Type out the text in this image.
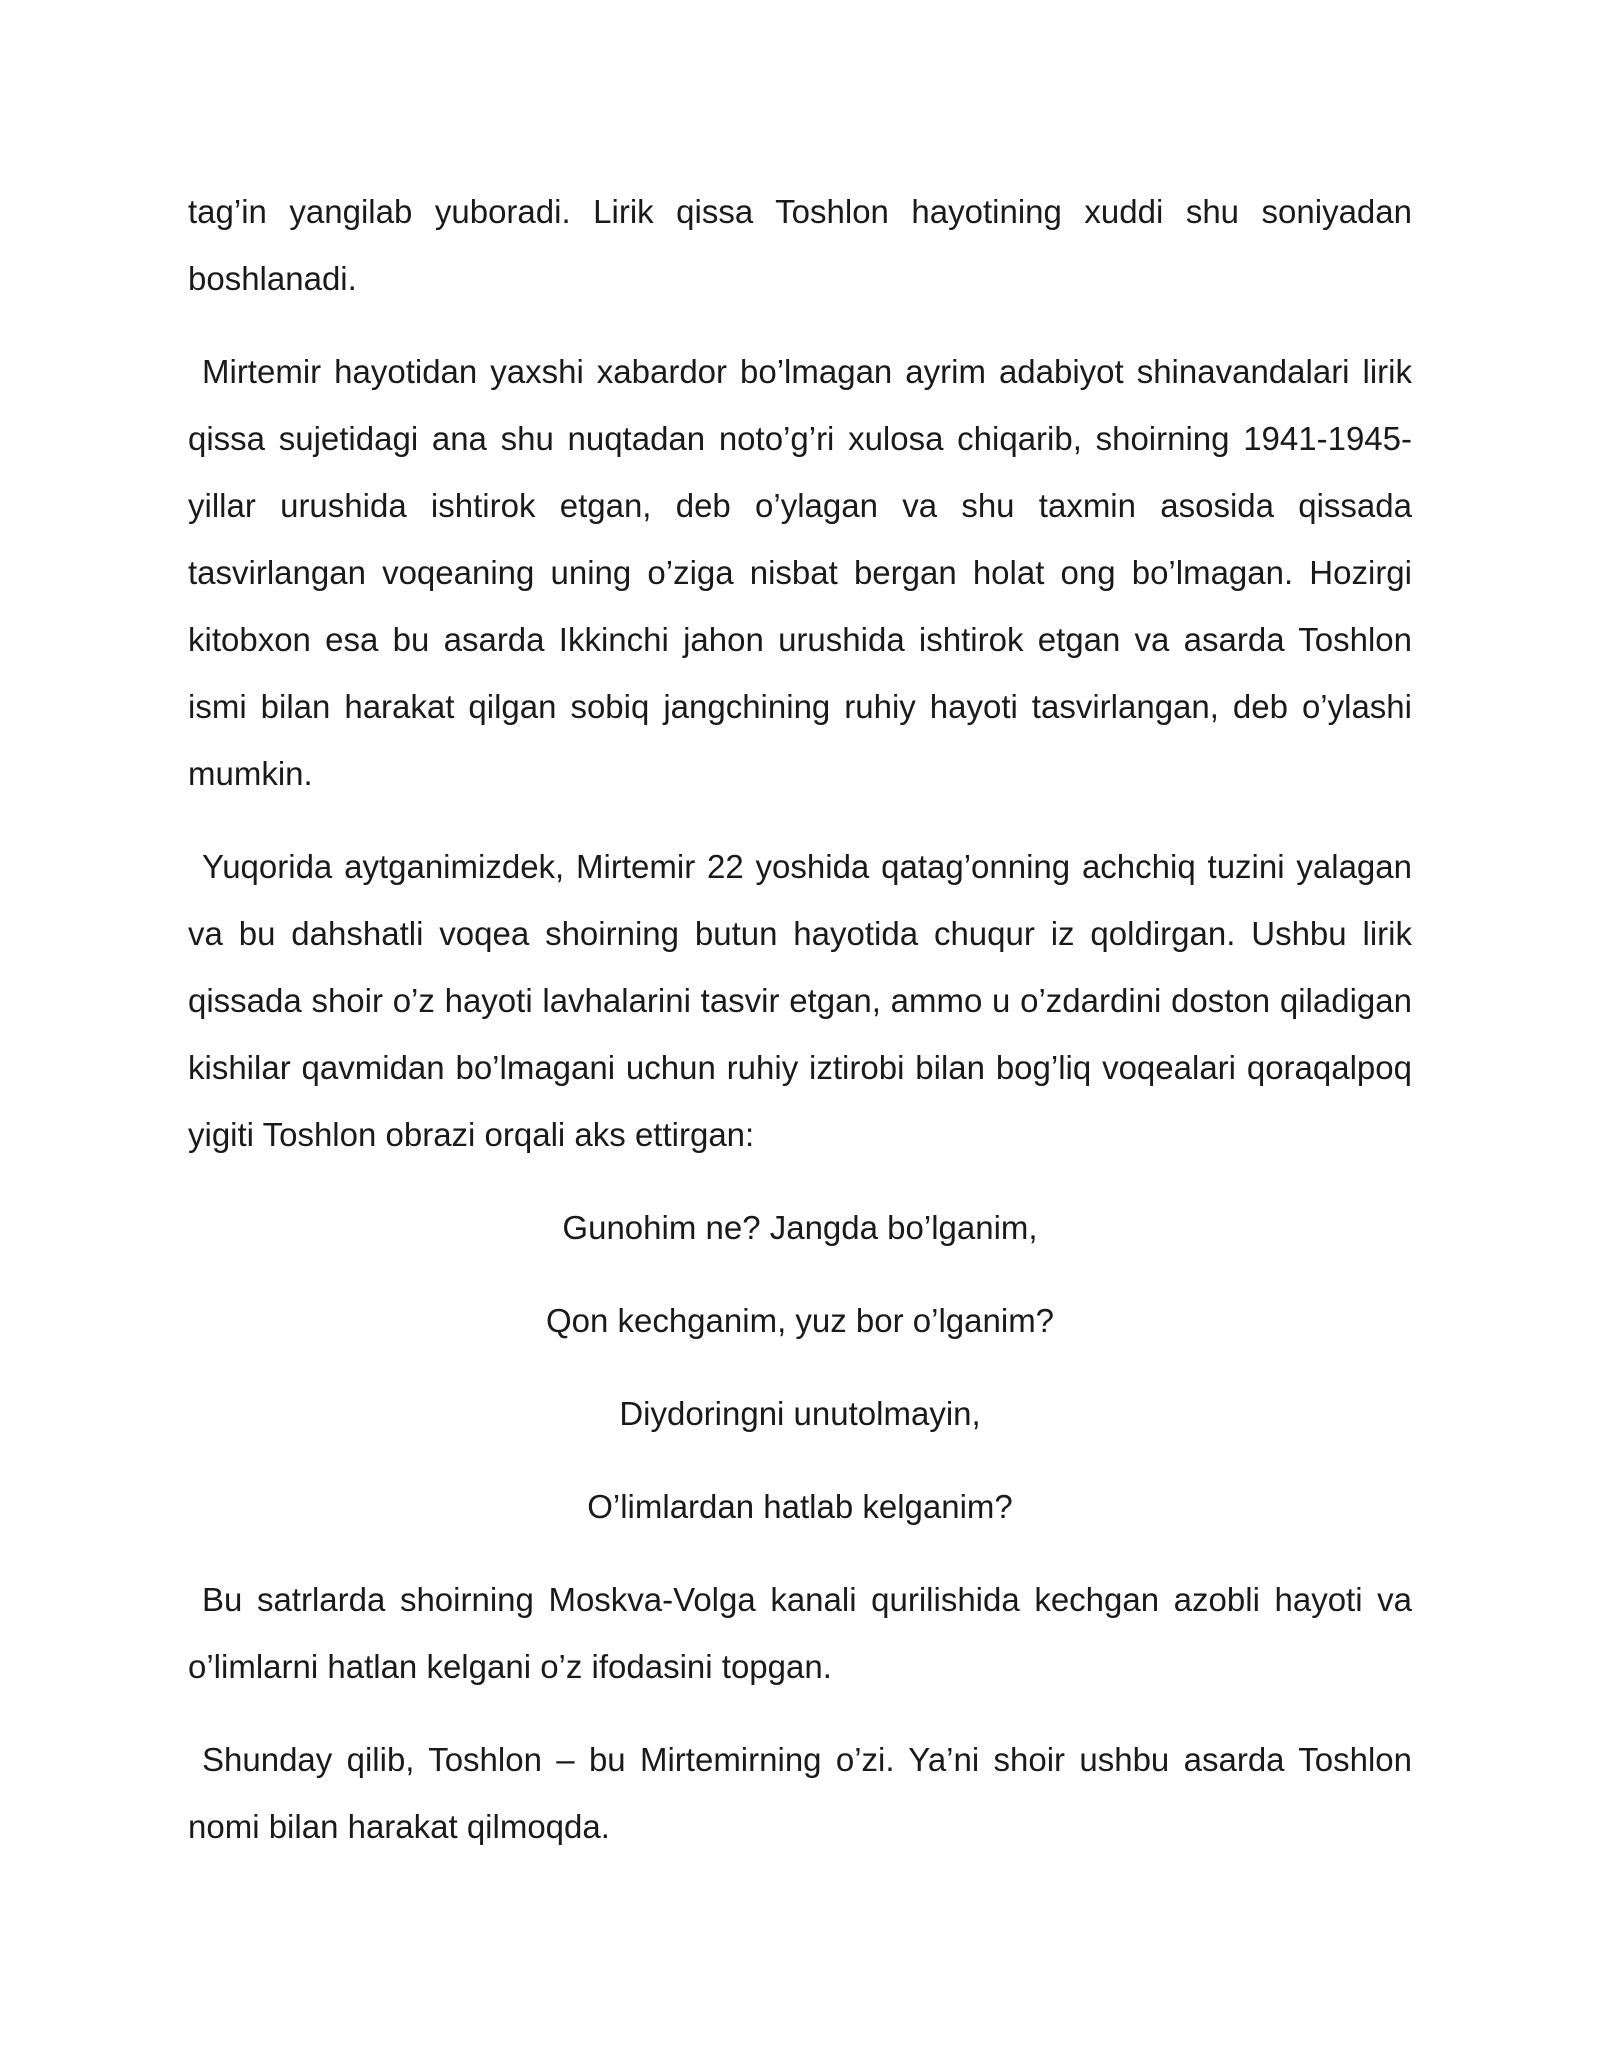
tag’in yangilab yuboradi. Lirik qissa Toshlon hayotining xuddi shu soniyadan boshlanadi.

Mirtemir hayotidan yaxshi xabardor bo’lmagan ayrim adabiyot shinavandalari lirik qissa sujetidagi ana shu nuqtadan noto’g’ri xulosa chiqarib, shoirning 1941-1945-yillar urushida ishtirok etgan, deb o’ylagan va shu taxmin asosida qissada tasvirlangan voqeaning uning o’ziga nisbat bergan holat ong bo’lmagan. Hozirgi kitobxon esa bu asarda Ikkinchi jahon urushida ishtirok etgan va asarda Toshlon ismi bilan harakat qilgan sobiq jangchining ruhiy hayoti tasvirlangan, deb o’ylashi mumkin.

Yuqorida aytganimizdek, Mirtemir 22 yoshida qatag’onning achchiq tuzini yalagan va bu dahshatli voqea shoirning butun hayotida chuqur iz qoldirgan. Ushbu lirik qissada shoir o’z hayoti lavhalarini tasvir etgan, ammo u o’zdardini doston qiladigan kishilar qavmidan bo’lmagani uchun ruhiy iztirobi bilan bog’liq voqealari qoraqalpoq yigiti Toshlon obrazi orqali aks ettirgan:

Gunohim ne? Jangda bo’lganim,
Qon kechganim, yuz bor o’lganim?
Diydoringni unutolmayin,
O’limlardan hatlab kelganim?

Bu satrlarda shoirning Moskva-Volga kanali qurilishida kechgan azobli hayoti va o’limlarni hatlan kelgani o’z ifodasini topgan.

Shunday qilib, Toshlon – bu Mirtemirning o’zi. Ya’ni shoir ushbu asarda Toshlon nomi bilan harakat qilmoqda.
